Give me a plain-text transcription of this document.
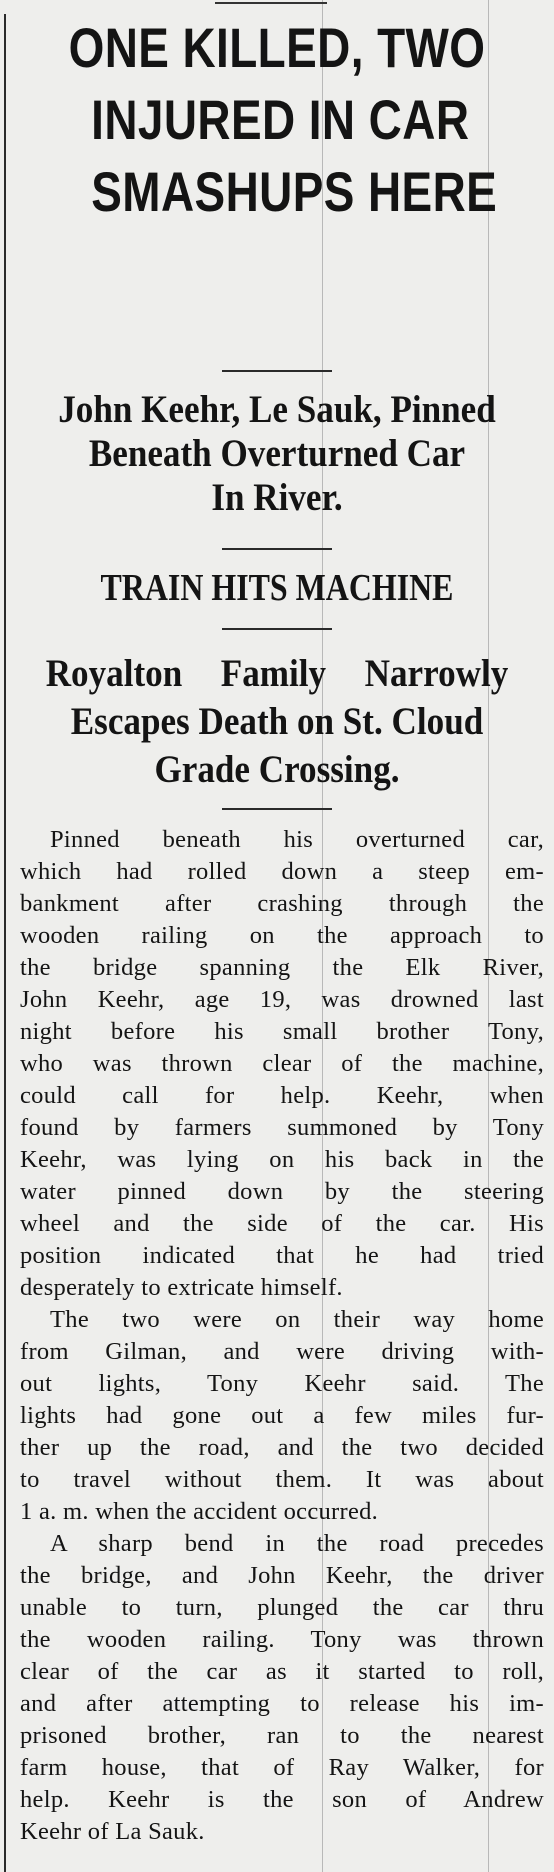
ONE KILLED, TWO
INJURED IN CAR
SMASHUPS HERE
John Keehr, Le Sauk, Pinned
Beneath Overturned Car
In River.
TRAIN HITS MACHINE
Royalton Family Narrowly
Escapes Death on St. Cloud
Grade Crossing.
Pinned beneath his overturned car,
which had rolled down a steep em-
bankment after crashing through the
wooden railing on the approach to
the bridge spanning the Elk River,
John Keehr, age 19, was drowned last
night before his small brother Tony,
who was thrown clear of the machine,
could call for help. Keehr, when
found by farmers summoned by Tony
Keehr, was lying on his back in the
water pinned down by the steering
wheel and the side of the car. His
position indicated that he had tried
desperately to extricate himself.
The two were on their way home
from Gilman, and were driving with-
out lights, Tony Keehr said. The
lights had gone out a few miles fur-
ther up the road, and the two decided
to travel without them. It was about
1 a. m. when the accident occurred.
A sharp bend in the road precedes
the bridge, and John Keehr, the driver
unable to turn, plunged the car thru
the wooden railing. Tony was thrown
clear of the car as it started to roll,
and after attempting to release his im-
prisoned brother, ran to the nearest
farm house, that of Ray Walker, for
help. Keehr is the son of Andrew
Keehr of La Sauk.
